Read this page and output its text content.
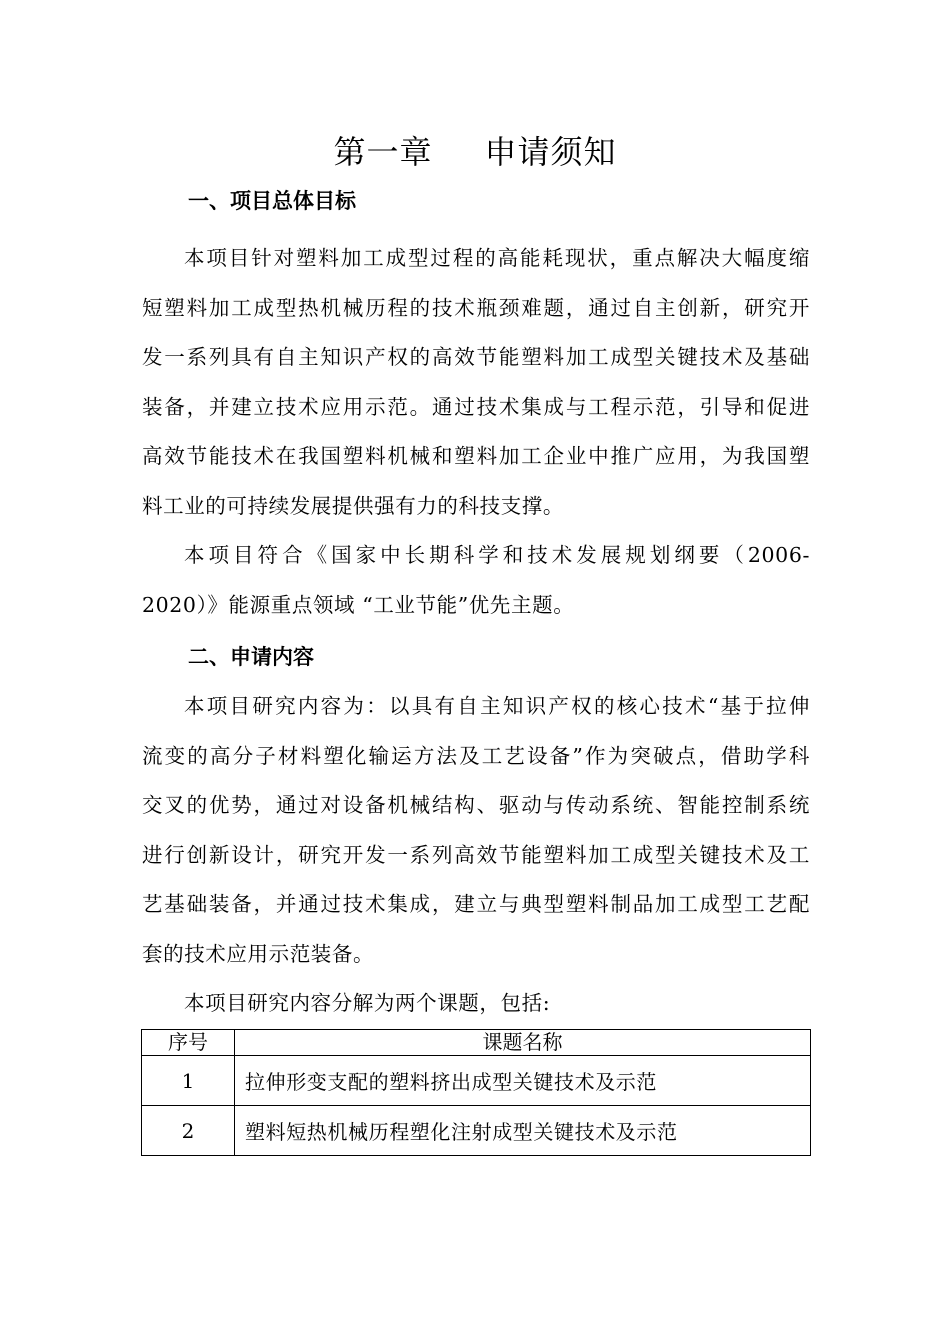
第一章 申请须知
一、项目总体目标
本项目针对塑料加工成型过程的高能耗现状，重点解决大幅度缩
短塑料加工成型热机械历程的技术瓶颈难题，通过自主创新，研究开
发一系列具有自主知识产权的高效节能塑料加工成型关键技术及基础
装备，并建立技术应用示范。通过技术集成与工程示范，引导和促进
高效节能技术在我国塑料机械和塑料加工企业中推广应用，为我国塑
料工业的可持续发展提供强有力的科技支撑。
本项目符合《国家中长期科学和技术发展规划纲要（2006-
2020）》能源重点领域 “工业节能”优先主题。
二、申请内容
本项目研究内容为：以具有自主知识产权的核心技术“基于拉伸
流变的高分子材料塑化输运方法及工艺设备”作为突破点，借助学科
交叉的优势，通过对设备机械结构、驱动与传动系统、智能控制系统
进行创新设计，研究开发一系列高效节能塑料加工成型关键技术及工
艺基础装备，并通过技术集成，建立与典型塑料制品加工成型工艺配
套的技术应用示范装备。

本项目研究内容分解为两个课题，包括:

序号	课题名称
1	拉伸形变支配的塑料挤出成型关键技术及示范
2	塑料短热机械历程塑化注射成型关键技术及示范
